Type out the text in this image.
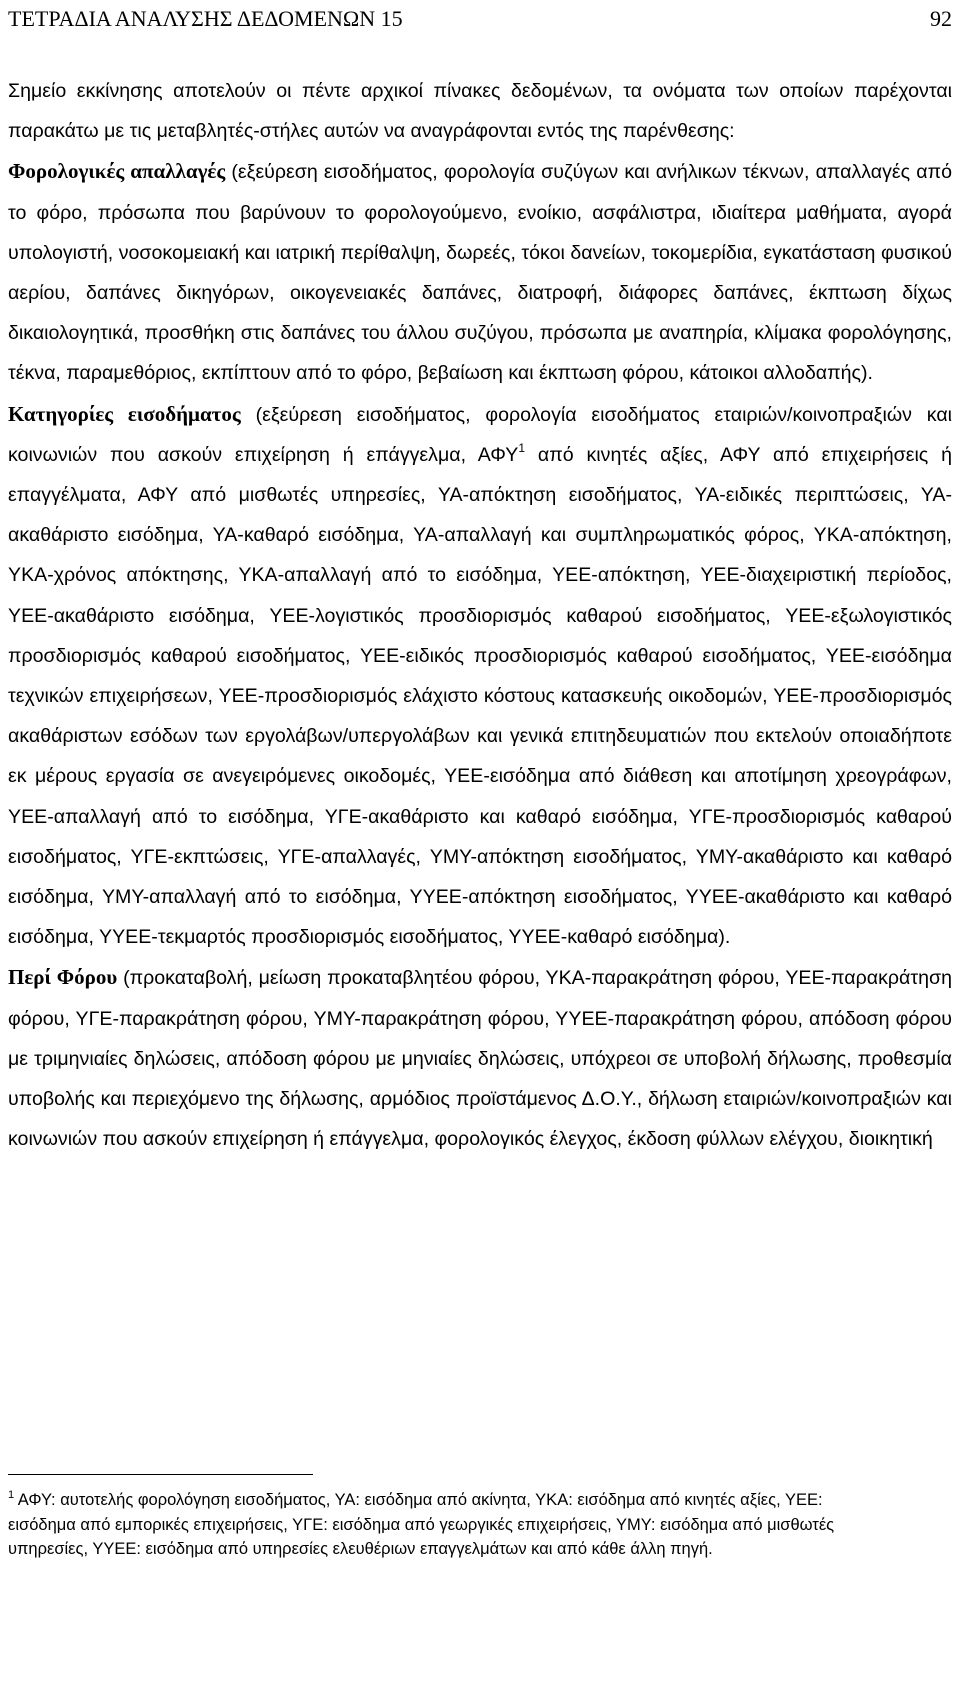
ΤΕΤΡΑΔΙΑ ΑΝΑΛΥΣΗΣ ΔΕΔΟΜΕΝΩΝ 15	92

Σημείο εκκίνησης αποτελούν οι πέντε αρχικοί πίνακες δεδομένων, τα ονόματα των οποίων παρέχονται παρακάτω με τις μεταβλητές-στήλες αυτών να αναγράφονται εντός της παρένθεσης:

Φορολογικές απαλλαγές (εξεύρεση εισοδήματος, φορολογία συζύγων και ανήλικων τέκνων, απαλλαγές από το φόρο, πρόσωπα που βαρύνουν το φορολογούμενο, ενοίκιο, ασφάλιστρα, ιδιαίτερα μαθήματα, αγορά υπολογιστή, νοσοκομειακή και ιατρική περίθαλψη, δωρεές, τόκοι δανείων, τοκομερίδια, εγκατάσταση φυσικού αερίου, δαπάνες δικηγόρων, οικογενειακές δαπάνες, διατροφή, διάφορες δαπάνες, έκπτωση δίχως δικαιολογητικά, προσθήκη στις δαπάνες του άλλου συζύγου, πρόσωπα με αναπηρία, κλίμακα φορολόγησης, τέκνα, παραμεθόριος, εκπίπτουν από το φόρο, βεβαίωση και έκπτωση φόρου, κάτοικοι αλλοδαπής).

Κατηγορίες εισοδήματος (εξεύρεση εισοδήματος, φορολογία εισοδήματος εταιριών/κοινοπραξιών και κοινωνιών που ασκούν επιχείρηση ή επάγγελμα, ΑΦΥ$^1$ από κινητές αξίες, ΑΦΥ από επιχειρήσεις ή επαγγέλματα, ΑΦΥ από μισθωτές υπηρεσίες, ΥΑ-απόκτηση εισοδήματος, ΥΑ-ειδικές περιπτώσεις, ΥΑ-ακαθάριστο εισόδημα, ΥΑ-καθαρό εισόδημα, ΥΑ-απαλλαγή και συμπληρωματικός φόρος, ΥΚΑ-απόκτηση, ΥΚΑ-χρόνος απόκτησης, ΥΚΑ-απαλλαγή από το εισόδημα, ΥΕΕ-απόκτηση, ΥΕΕ-διαχειριστική περίοδος, ΥΕΕ-ακαθάριστο εισόδημα, ΥΕΕ-λογιστικός προσδιορισμός καθαρού εισοδήματος, ΥΕΕ-εξωλογιστικός προσδιορισμός καθαρού εισοδήματος, ΥΕΕ-ειδικός προσδιορισμός καθαρού εισοδήματος, ΥΕΕ-εισόδημα τεχνικών επιχειρήσεων, ΥΕΕ-προσδιορισμός ελάχιστο κόστους κατασκευής οικοδομών, ΥΕΕ-προσδιορισμός ακαθάριστων εσόδων των εργολάβων/υπεργολάβων και γενικά επιτηδευματιών που εκτελούν οποιαδήποτε εκ μέρους εργασία σε ανεγειρόμενες οικοδομές, ΥΕΕ-εισόδημα από διάθεση και αποτίμηση χρεογράφων, ΥΕΕ-απαλλαγή από το εισόδημα, ΥΓΕ-ακαθάριστο και καθαρό εισόδημα, ΥΓΕ-προσδιορισμός καθαρού εισοδήματος, ΥΓΕ-εκπτώσεις, ΥΓΕ-απαλλαγές, ΥΜΥ-απόκτηση εισοδήματος, ΥΜΥ-ακαθάριστο και καθαρό εισόδημα, ΥΜΥ-απαλλαγή από το εισόδημα, ΥΥΕΕ-απόκτηση εισοδήματος, ΥΥΕΕ-ακαθάριστο και καθαρό εισόδημα, ΥΥΕΕ-τεκμαρτός προσδιορισμός εισοδήματος, ΥΥΕΕ-καθαρό εισόδημα).

Περί Φόρου (προκαταβολή, μείωση προκαταβλητέου φόρου, ΥΚΑ-παρακράτηση φόρου, ΥΕΕ-παρακράτηση φόρου, ΥΓΕ-παρακράτηση φόρου, ΥΜΥ-παρακράτηση φόρου, ΥΥΕΕ-παρακράτηση φόρου, απόδοση φόρου με τριμηνιαίες δηλώσεις, απόδοση φόρου με μηνιαίες δηλώσεις, υπόχρεοι σε υποβολή δήλωσης, προθεσμία υποβολής και περιεχόμενο της δήλωσης, αρμόδιος προϊστάμενος Δ.Ο.Υ., δήλωση εταιριών/κοινοπραξιών και κοινωνιών που ασκούν επιχείρηση ή επάγγελμα, φορολογικός έλεγχος, έκδοση φύλλων ελέγχου, διοικητική

$^1$ ΑΦΥ: αυτοτελής φορολόγηση εισοδήματος, ΥΑ: εισόδημα από ακίνητα, ΥΚΑ: εισόδημα από κινητές αξίες, ΥΕΕ: εισόδημα από εμπορικές επιχειρήσεις, ΥΓΕ: εισόδημα από γεωργικές επιχειρήσεις, ΥΜΥ: εισόδημα από μισθωτές υπηρεσίες, ΥΥΕΕ: εισόδημα από υπηρεσίες ελευθέριων επαγγελμάτων και από κάθε άλλη πηγή.
